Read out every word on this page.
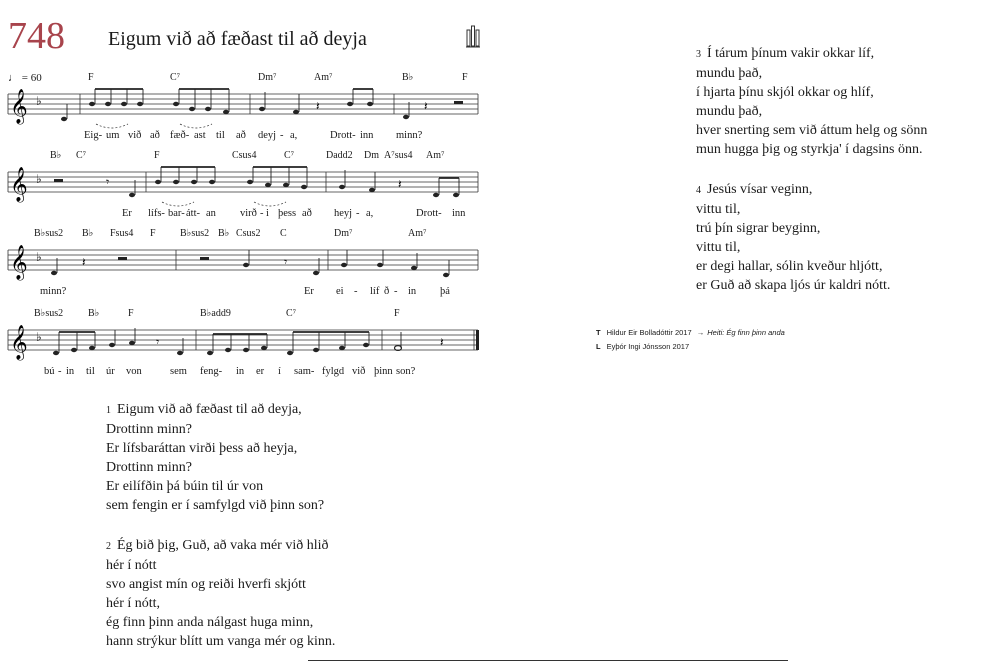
748 Eigum við að fæðast til að deyja
♩ = 60
𝄞 ♭	𝄽	𝄽
F	C⁷	Dm⁷	Am⁷	B♭	F
Eig- um við að fæð- ast til að deyj - a,	Drott- inn minn?
𝄞 ♭	𝄾	𝄽
B♭ C⁷	F	Csus4	C⁷	Dadd2 Dm A⁷sus4 Am⁷
Er lífs- bar- átt- an virð - i þess að heyj - a,	Drott- inn
𝄞 ♭	𝄽	𝄾
B♭sus2 B♭ Fsus4 F B♭sus2 B♭ Csus2 C	Dm⁷	Am⁷
minn?	Er ei - líf ð - in þá
𝄞 ♭	𝄾	𝄽
B♭sus2 B♭	F	B♭add9	C⁷	F
bú - in til úr von	sem feng- in er í sam- fylgd við þinn son?
1 Eigum við að fæðast til að deyja,
Drottinn minn?
Er lífsbaráttan virði þess að heyja,
Drottinn minn?
Er eilífðin þá búin til úr von
sem fengin er í samfylgd við þinn son?
2 Ég bið þig, Guð, að vaka mér við hlið
hér í nótt
svo angist mín og reiði hverfi skjótt
hér í nótt,
ég finn þinn anda nálgast huga minn,
hann strýkur blítt um vanga mér og kinn.
3 Í tárum þínum vakir okkar líf,
mundu það,
í hjarta þínu skjól okkar og hlíf,
mundu það,
hver snerting sem við áttum helg og sönn
mun hugga þig og styrkja' í dagsins önn.
4 Jesús vísar veginn,
vittu til,
trú þín sigrar beyginn,
vittu til,
er degi hallar, sólin kveður hljótt,
er Guð að skapa ljós úr kaldri nótt.
T Hildur Eir Bolladóttir 2017 → Heiti: Ég finn þinn anda
L Eyþór Ingi Jónsson 2017
